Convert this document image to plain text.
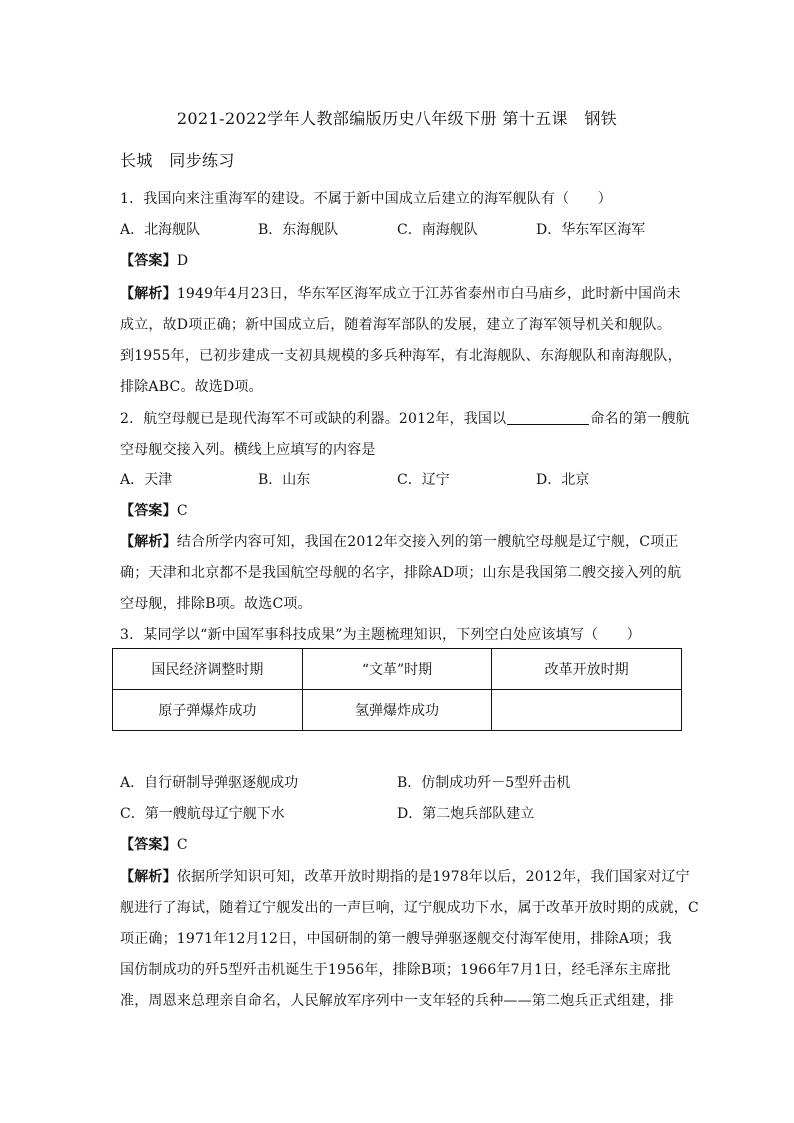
2021-2022学年人教部编版历史八年级下册 第十五课　钢铁
长城　同步练习
1．我国向来注重海军的建设。不属于新中国成立后建立的海军舰队有（　　）
A．北海舰队	B．东海舰队	C．南海舰队	D．华东军区海军
【答案】D
【解析】1949年4月23日，华东军区海军成立于江苏省泰州市白马庙乡，此时新中国尚未
成立，故D项正确；新中国成立后，随着海军部队的发展，建立了海军领导机关和舰队。
到1955年，已初步建成一支初具规模的多兵种海军，有北海舰队、东海舰队和南海舰队，
排除ABC。故选D项。
2．航空母舰已是现代海军不可或缺的利器。2012年，我国以	命名的第一艘航
空母舰交接入列。横线上应填写的内容是
A．天津	B．山东	C．辽宁	D．北京
【答案】C
【解析】结合所学内容可知，我国在2012年交接入列的第一艘航空母舰是辽宁舰，C项正
确；天津和北京都不是我国航空母舰的名字，排除AD项；山东是我国第二艘交接入列的航
空母舰，排除B项。故选C项。
3．某同学以“新中国军事科技成果”为主题梳理知识，下列空白处应该填写（　　）
国民经济调整时期	“文革”时期	改革开放时期
原子弹爆炸成功	氢弹爆炸成功	
A．自行研制导弹驱逐舰成功	B．仿制成功歼－5型歼击机
C．第一艘航母辽宁舰下水	D．第二炮兵部队建立
【答案】C
【解析】依据所学知识可知，改革开放时期指的是1978年以后，2012年，我们国家对辽宁
舰进行了海试，随着辽宁舰发出的一声巨响，辽宁舰成功下水，属于改革开放时期的成就，C
项正确；1971年12月12日，中国研制的第一艘导弹驱逐舰交付海军使用，排除A项；我
国仿制成功的歼5型歼击机诞生于1956年，排除B项；1966年7月1日，经毛泽东主席批
准，周恩来总理亲自命名，人民解放军序列中一支年轻的兵种——第二炮兵正式组建，排
